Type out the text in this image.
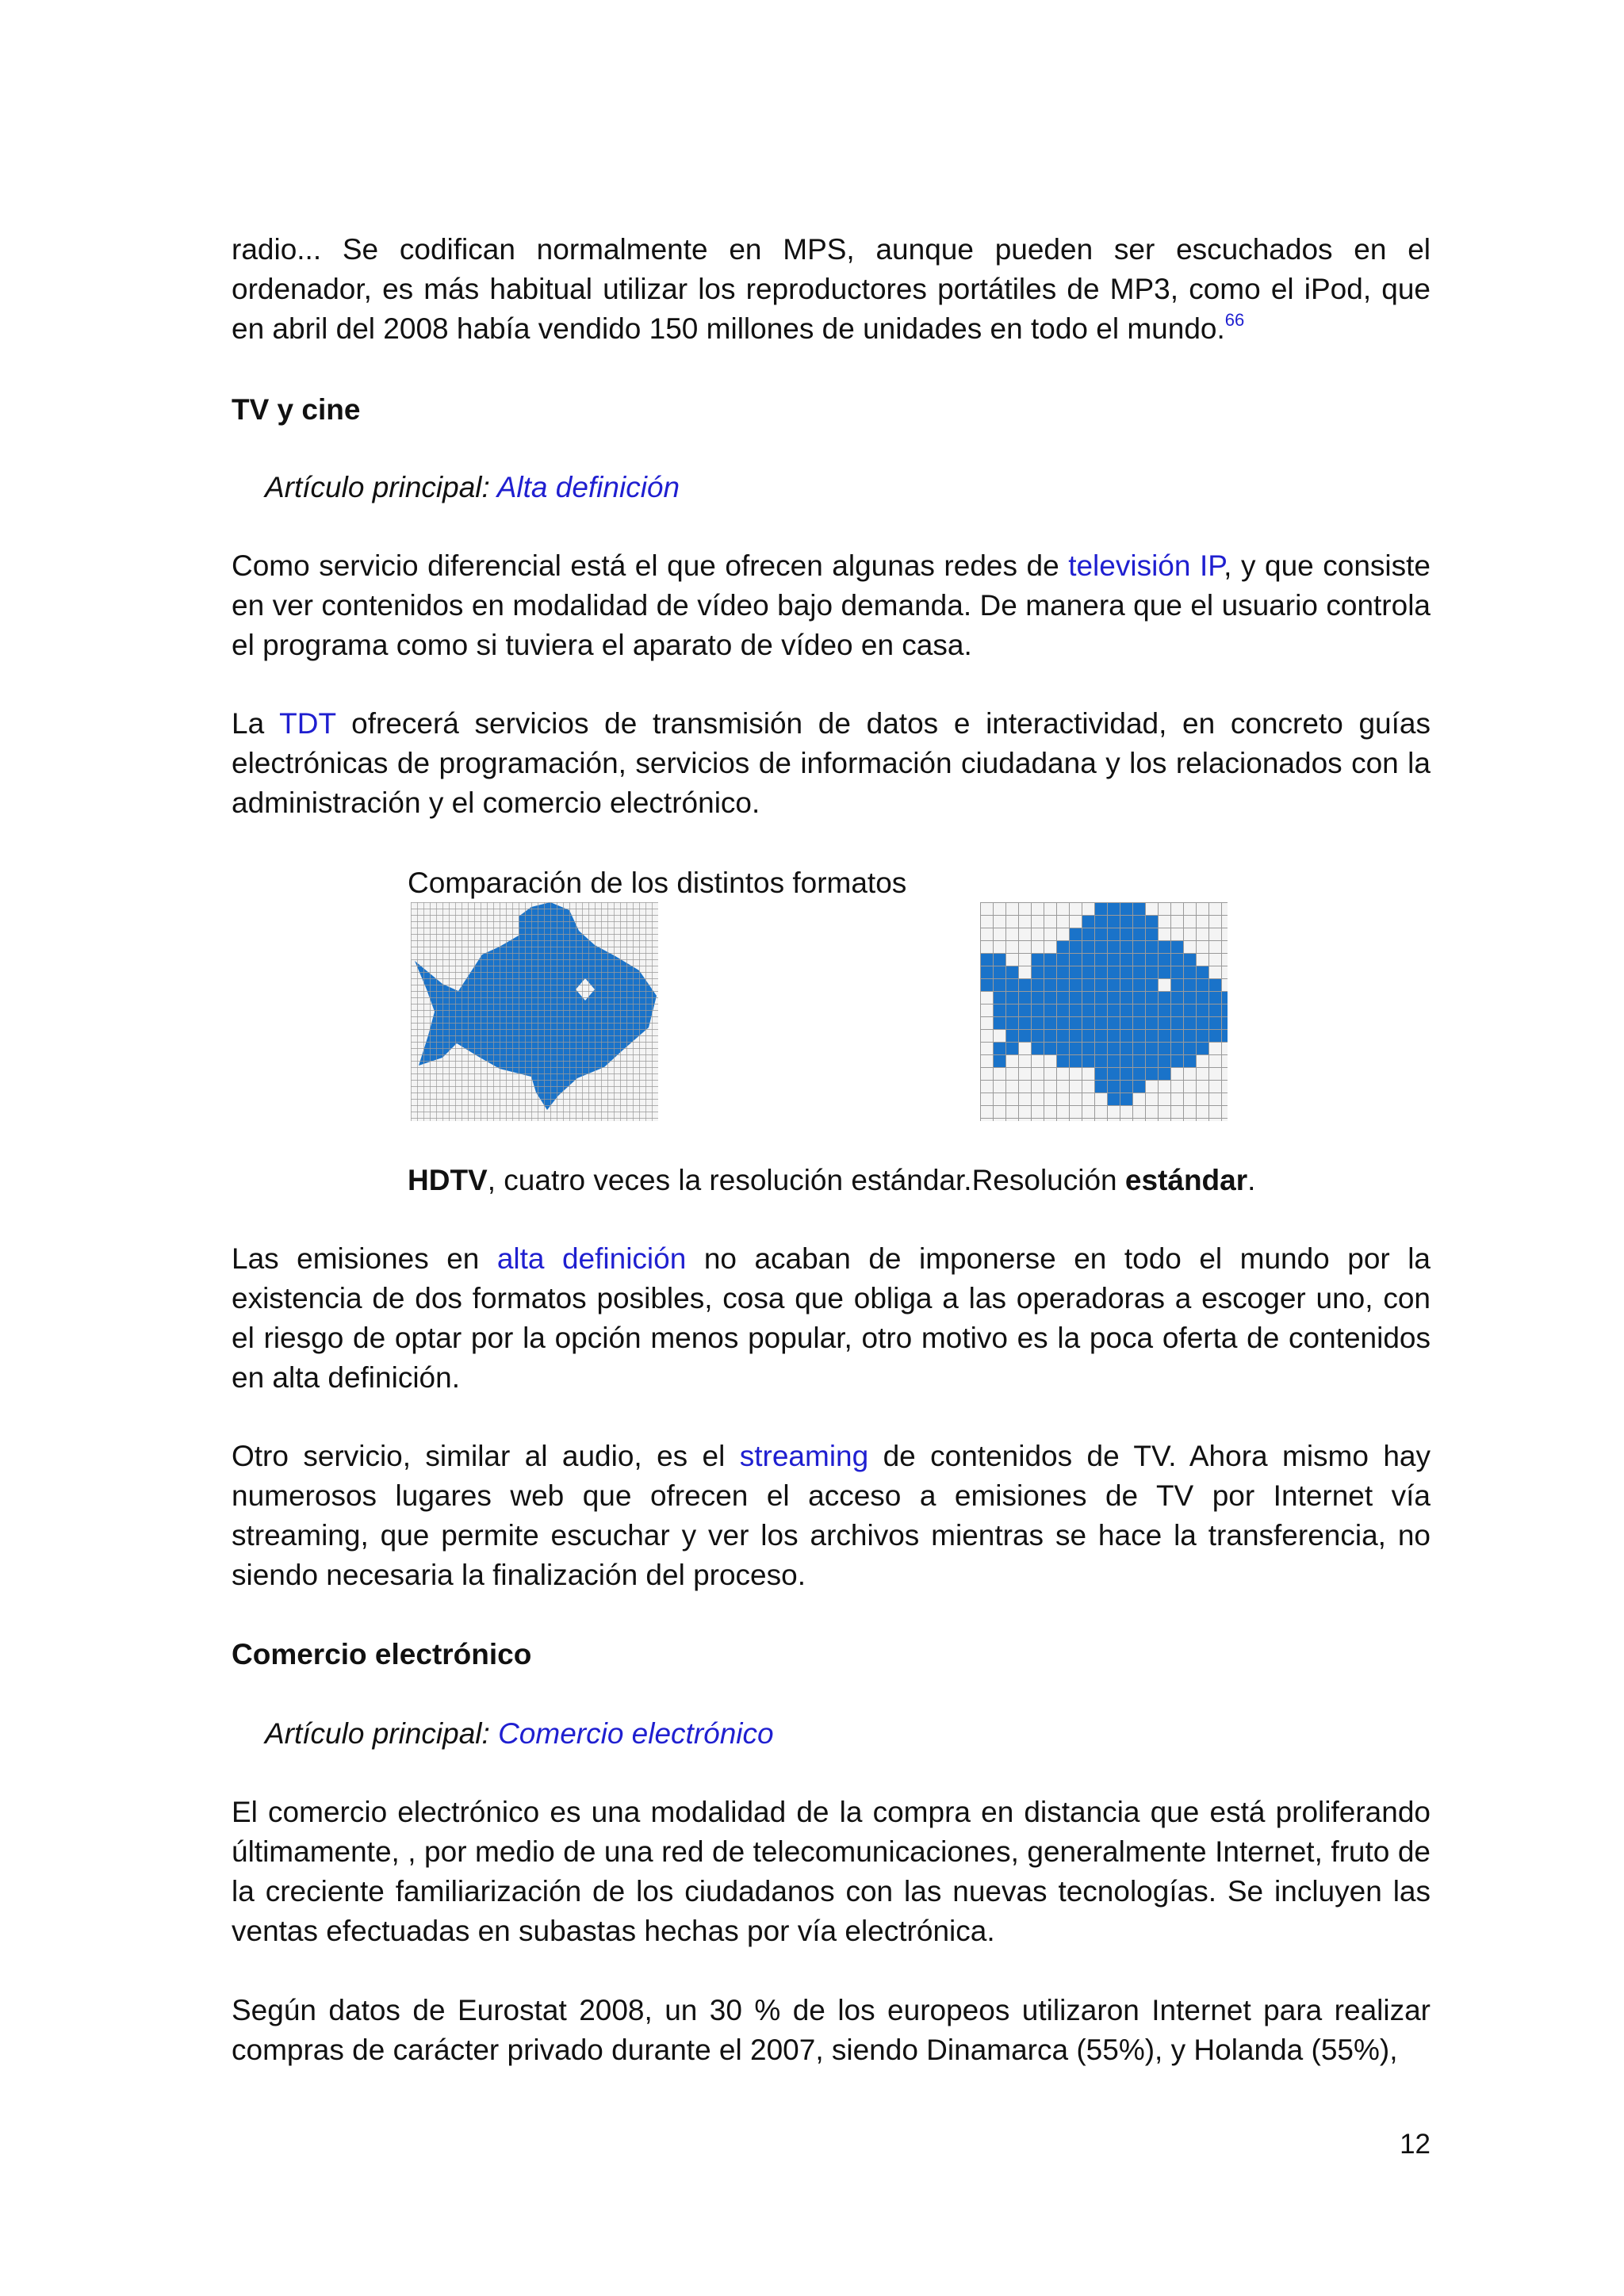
radio... Se codifican normalmente en MPS, aunque pueden ser escuchados en el ordenador, es más habitual utilizar los reproductores portátiles de MP3, como el iPod, que en abril del 2008 había vendido 150 millones de unidades en todo el mundo.$^{66}$

TV y cine

Artículo principal: Alta definición

Como servicio diferencial está el que ofrecen algunas redes de televisión IP, y que consiste en ver contenidos en modalidad de vídeo bajo demanda. De manera que el usuario controla el programa como si tuviera el aparato de vídeo en casa.

La TDT ofrecerá servicios de transmisión de datos e interactividad, en concreto guías electrónicas de programación, servicios de información ciudadana y los relacionados con la administración y el comercio electrónico.

Comparación de los distintos formatos

HDTV, cuatro veces la resolución estándar.Resolución estándar.

Las emisiones en alta definición no acaban de imponerse en todo el mundo por la existencia de dos formatos posibles, cosa que obliga a las operadoras a escoger uno, con el riesgo de optar por la opción menos popular, otro motivo es la poca oferta de contenidos en alta definición.

Otro servicio, similar al audio, es el streaming de contenidos de TV. Ahora mismo hay numerosos lugares web que ofrecen el acceso a emisiones de TV por Internet vía streaming, que permite escuchar y ver los archivos mientras se hace la transferencia, no siendo necesaria la finalización del proceso.

Comercio electrónico

Artículo principal: Comercio electrónico

El comercio electrónico es una modalidad de la compra en distancia que está proliferando últimamente, , por medio de una red de telecomunicaciones, generalmente Internet, fruto de la creciente familiarización de los ciudadanos con las nuevas tecnologías. Se incluyen las ventas efectuadas en subastas hechas por vía electrónica.

Según datos de Eurostat 2008, un 30 % de los europeos utilizaron Internet para realizar compras de carácter privado durante el 2007, siendo Dinamarca (55%), y Holanda (55%),

12
